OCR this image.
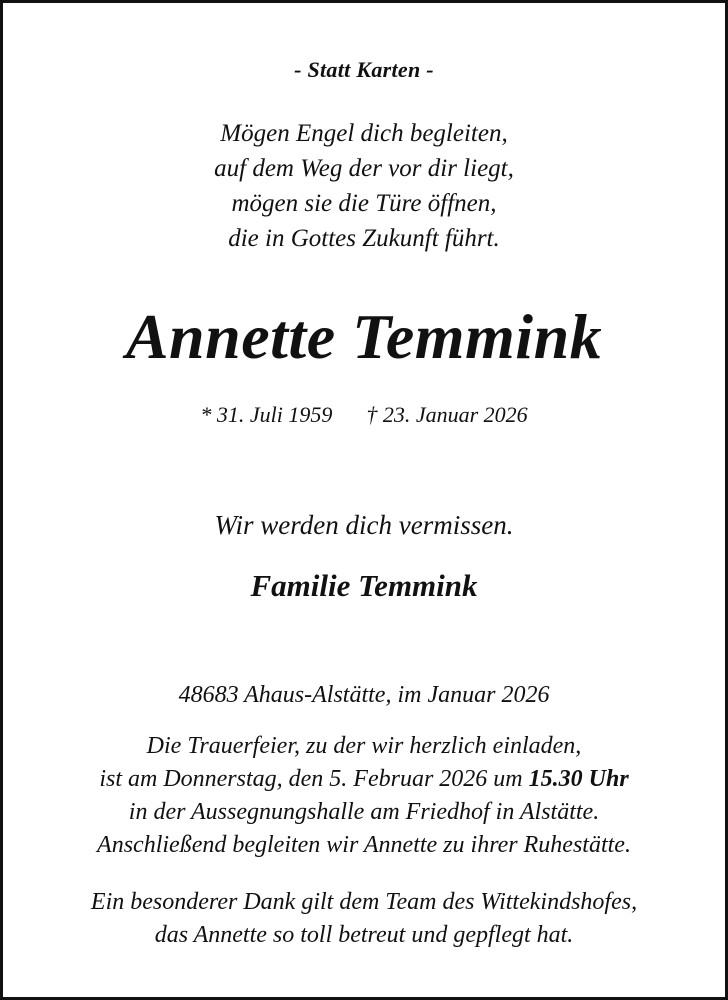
- Statt Karten -
Mögen Engel dich begleiten,
auf dem Weg der vor dir liegt,
mögen sie die Türe öffnen,
die in Gottes Zukunft führt.
Annette Temmink
* 31. Juli 1959 † 23. Januar 2026
Wir werden dich vermissen.
Familie Temmink
48683 Ahaus-Alstätte, im Januar 2026
Die Trauerfeier, zu der wir herzlich einladen,
ist am Donnerstag, den 5. Februar 2026 um 15.30 Uhr
in der Aussegnungshalle am Friedhof in Alstätte.
Anschließend begleiten wir Annette zu ihrer Ruhestätte.
Ein besonderer Dank gilt dem Team des Wittekindshofes,
das Annette so toll betreut und gepflegt hat.
